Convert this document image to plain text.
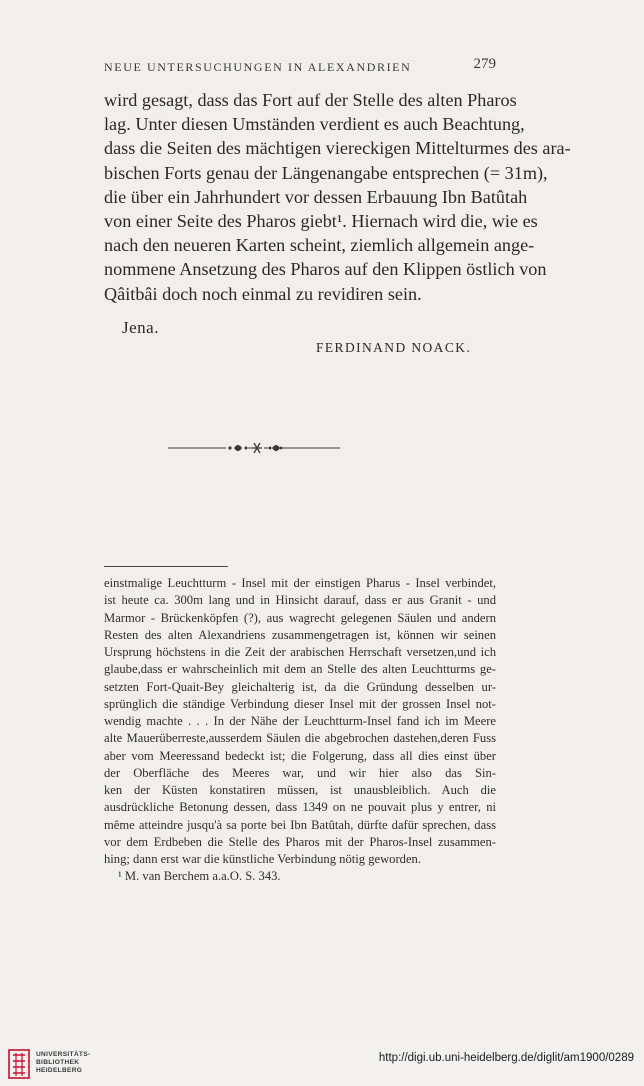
NEUE UNTERSUCHUNGEN IN ALEXANDRIEN	279
wird gesagt, dass das Fort auf der Stelle des alten Pharos
lag. Unter diesen Umständen verdient es auch Beachtung,
dass die Seiten des mächtigen viereckigen Mittelturmes des ara-
bischen Forts genau der Längenangabe entsprechen (= 31m),
die über ein Jahrhundert vor dessen Erbauung Ibn Batûtah
von einer Seite des Pharos giebt¹. Hiernach wird die, wie es
nach den neueren Karten scheint, ziemlich allgemein ange-
nommene Ansetzung des Pharos auf den Klippen östlich von
Qâitbâi doch noch einmal zu revidiren sein.
Jena.
FERDINAND NOACK.
einstmalige Leuchtturm - Insel mit der einstigen Pharus - Insel verbindet,
ist heute ca. 300m lang und in Hinsicht darauf, dass er aus Granit - und
Marmor - Brückenköpfen (?), aus wagrecht gelegenen Säulen und andern
Resten des alten Alexandriens zusammengetragen ist, können wir seinen
Ursprung höchstens in die Zeit der arabischen Herrschaft versetzen,und ich
glaube,dass er wahrscheinlich mit dem an Stelle des alten Leuchtturms ge-
setzten Fort-Quait-Bey gleichalterig ist, da die Gründung desselben ur-
sprünglich die ständige Verbindung dieser Insel mit der grossen Insel not-
wendig machte . . . In der Nähe der Leuchtturm-Insel fand ich im Meere
alte Mauerüberreste,ausserdem Säulen die abgebrochen dastehen,deren Fuss
aber vom Meeressand bedeckt ist; die Folgerung, dass all dies einst über
der Oberfläche des Meeres war, und wir hier also das Sin-
ken der Küsten konstatiren müssen, ist unausbleiblich. Auch die
ausdrückliche Betonung dessen, dass 1349 on ne pouvait plus y entrer, ni
même atteindre jusqu'à sa porte bei Ibn Batûtah, dürfte dafür sprechen, dass
vor dem Erdbeben die Stelle des Pharos mit der Pharos-Insel zusammen-
hing; dann erst war die künstliche Verbindung nötig geworden.
¹ M. van Berchem a.a.O. S. 343.
UNIVERSITÄTS-
BIBLIOTHEK
HEIDELBERG
http://digi.ub.uni-heidelberg.de/diglit/am1900/0289
